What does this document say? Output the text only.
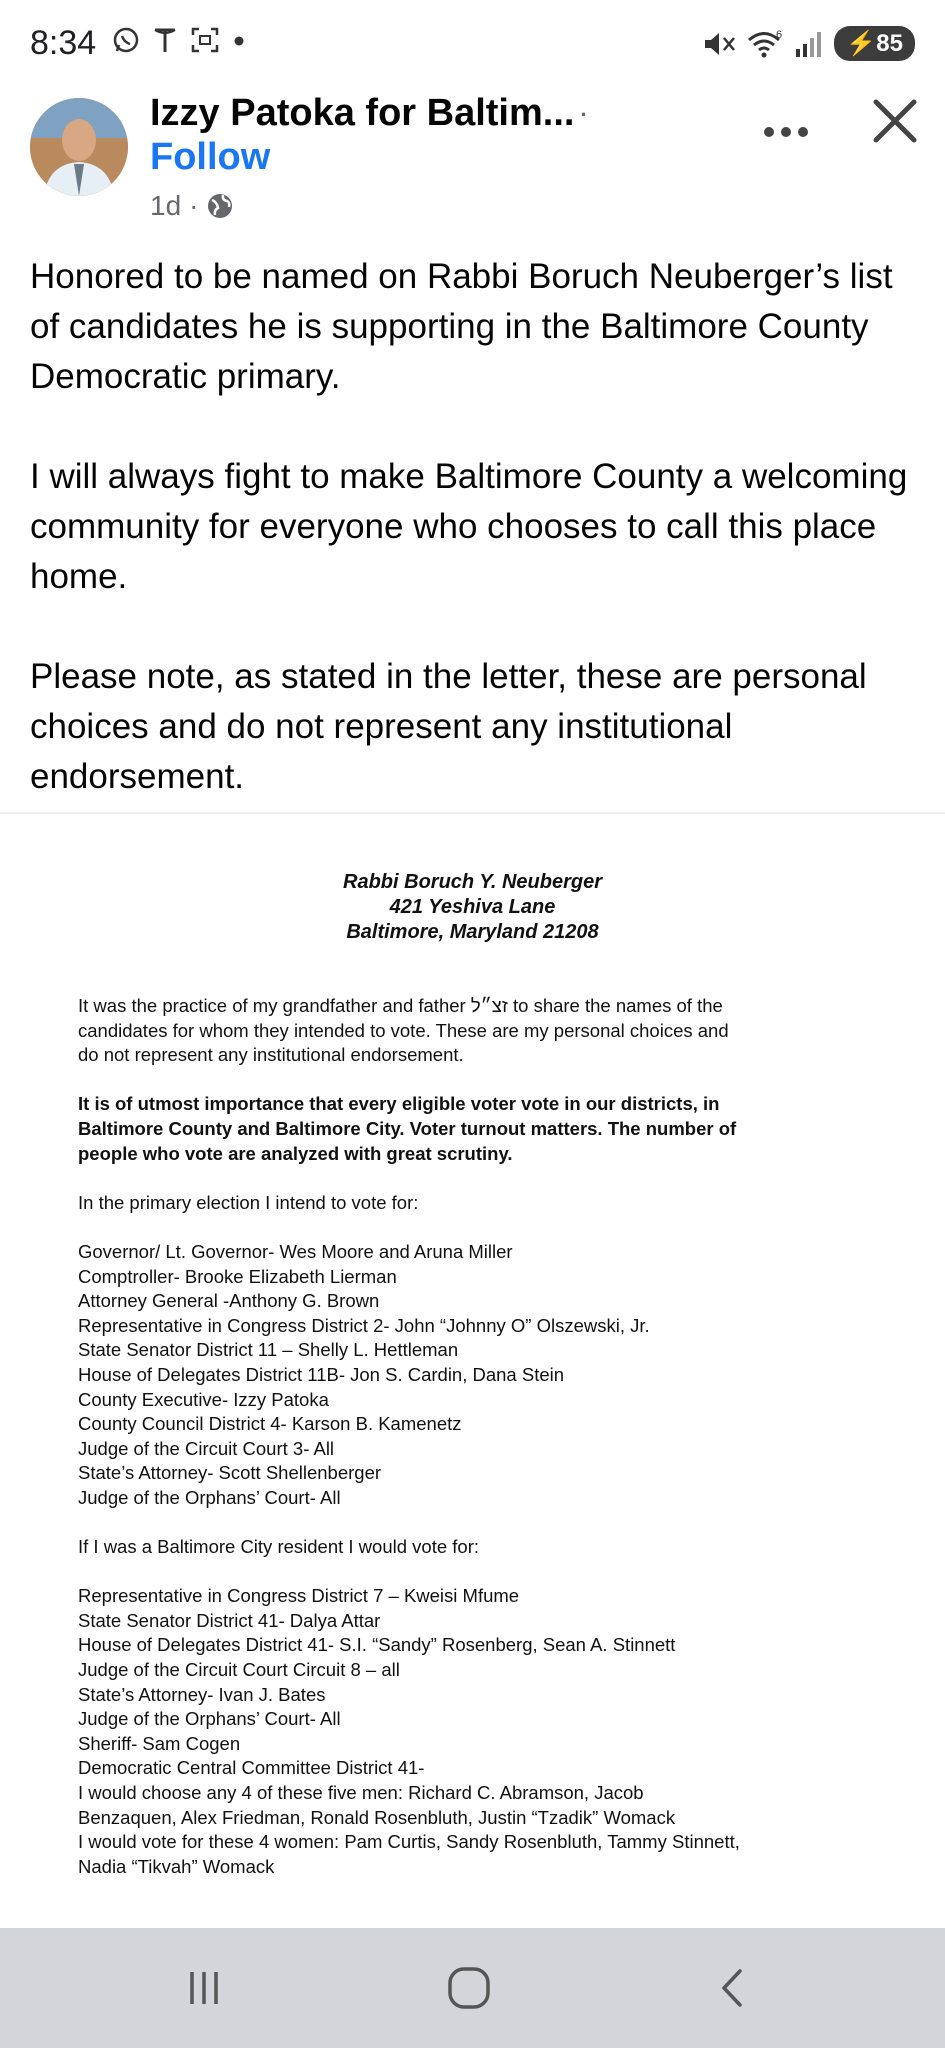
8:34	6	⚡85
Izzy Patoka for Baltim... ·
Follow
1d ·

Honored to be named on Rabbi Boruch Neuberger’s list of candidates he is supporting in the Baltimore County Democratic primary.

I will always fight to make Baltimore County a welcoming community for everyone who chooses to call this place home.

Please note, as stated in the letter, these are personal choices and do not represent any institutional endorsement.

Rabbi Boruch Y. Neuberger
421 Yeshiva Lane
Baltimore, Maryland 21208
It was the practice of my grandfather and father זצ״ל to share the names of the
candidates for whom they intended to vote. These are my personal choices and
do not represent any institutional endorsement.
It is of utmost importance that every eligible voter vote in our districts, in
Baltimore County and Baltimore City. Voter turnout matters. The number of
people who vote are analyzed with great scrutiny.
In the primary election I intend to vote for:
Governor/ Lt. Governor- Wes Moore and Aruna Miller
Comptroller- Brooke Elizabeth Lierman
Attorney General -Anthony G. Brown
Representative in Congress District 2- John “Johnny O” Olszewski, Jr.
State Senator District 11 – Shelly L. Hettleman
House of Delegates District 11B- Jon S. Cardin, Dana Stein
County Executive- Izzy Patoka
County Council District 4- Karson B. Kamenetz
Judge of the Circuit Court 3- All
State’s Attorney- Scott Shellenberger
Judge of the Orphans’ Court- All
If I was a Baltimore City resident I would vote for:
Representative in Congress District 7 – Kweisi Mfume
State Senator District 41- Dalya Attar
House of Delegates District 41- S.I. “Sandy” Rosenberg, Sean A. Stinnett
Judge of the Circuit Court Circuit 8 – all
State’s Attorney- Ivan J. Bates
Judge of the Orphans’ Court- All
Sheriff- Sam Cogen
Democratic Central Committee District 41-
I would choose any 4 of these five men: Richard C. Abramson, Jacob
Benzaquen, Alex Friedman, Ronald Rosenbluth, Justin “Tzadik” Womack
I would vote for these 4 women: Pam Curtis, Sandy Rosenbluth, Tammy Stinnett,
Nadia “Tikvah” Womack
